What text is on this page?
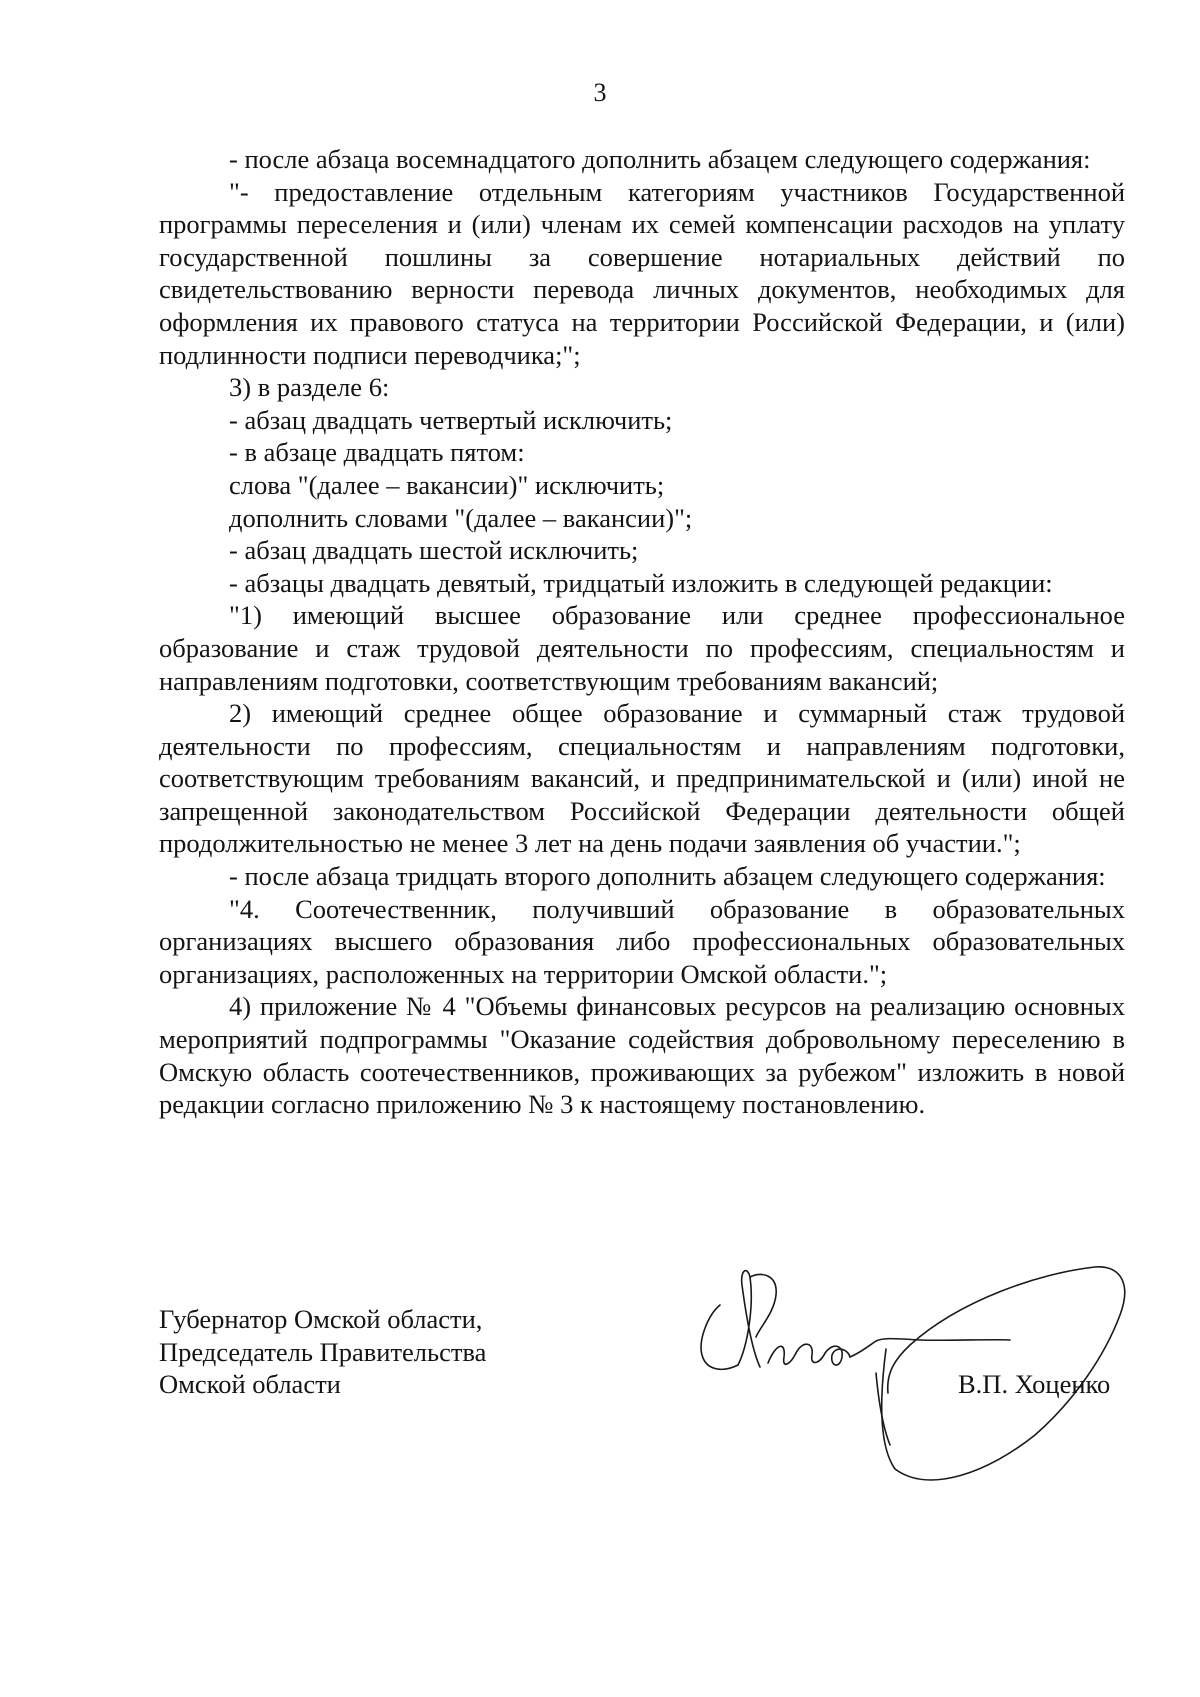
3

- после абзаца восемнадцатого дополнить абзацем следующего содержания:

"- предоставление отдельным категориям участников Государственной программы переселения и (или) членам их семей компенсации расходов на уплату государственной пошлины за совершение нотариальных действий по свидетельствованию верности перевода личных документов, необходимых для оформления их правового статуса на территории Российской Федерации, и (или) подлинности подписи переводчика;";

3) в разделе 6:

- абзац двадцать четвертый исключить;

- в абзаце двадцать пятом:

слова "(далее – вакансии)" исключить;

дополнить словами "(далее – вакансии)";

- абзац двадцать шестой исключить;

- абзацы двадцать девятый, тридцатый изложить в следующей редакции:

"1) имеющий высшее образование или среднее профессиональное образование и стаж трудовой деятельности по профессиям, специальностям и направлениям подготовки, соответствующим требованиям вакансий;

2) имеющий среднее общее образование и суммарный стаж трудовой деятельности по профессиям, специальностям и направлениям подготовки, соответствующим требованиям вакансий, и предпринимательской и (или) иной не запрещенной законодательством Российской Федерации деятельности общей продолжительностью не менее 3 лет на день подачи заявления об участии.";

- после абзаца тридцать второго дополнить абзацем следующего содержания:

"4. Соотечественник, получивший образование в образовательных организациях высшего образования либо профессиональных образовательных организациях, расположенных на территории Омской области.";

4) приложение № 4 "Объемы финансовых ресурсов на реализацию основных мероприятий подпрограммы "Оказание содействия добровольному переселению в Омскую область соотечественников, проживающих за рубежом" изложить в новой редакции согласно приложению № 3 к настоящему постановлению.

Губернатор Омской области,
Председатель Правительства
Омской области	В.П. Хоценко
